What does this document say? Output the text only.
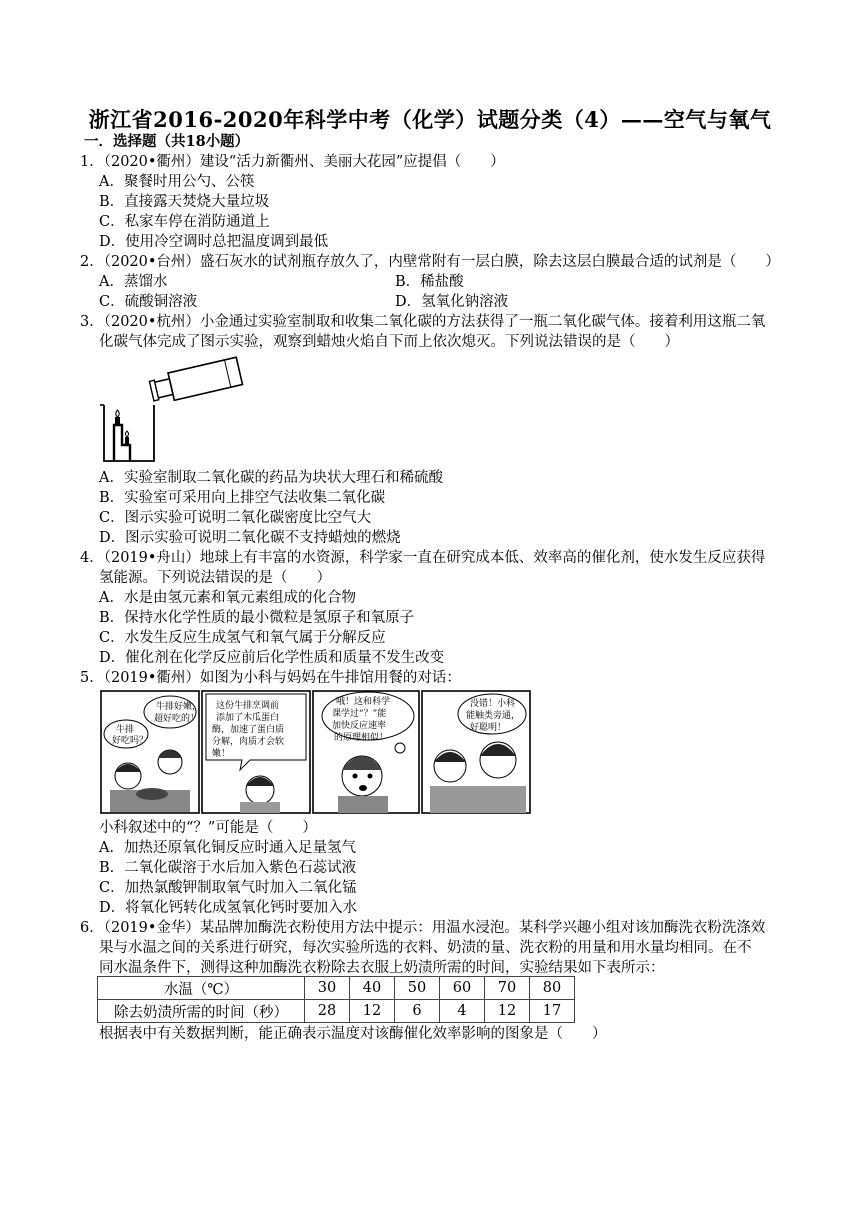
浙江省2016-2020年科学中考（化学）试题分类（4）——空气与氧气
一．选择题（共18小题）
1．（2020•衢州）建设“活力新衢州、美丽大花园”应提倡（　　）
A．聚餐时用公勺、公筷
B．直接露天焚烧大量垃圾
C．私家车停在消防通道上
D．使用冷空调时总把温度调到最低
2．（2020•台州）盛石灰水的试剂瓶存放久了，内壁常附有一层白膜，除去这层白膜最合适的试剂是（　　）
A．蒸馏水	B．稀盐酸
C．硫酸铜溶液	D．氢氧化钠溶液
3．（2020•杭州）小金通过实验室制取和收集二氧化碳的方法获得了一瓶二氧化碳气体。接着利用这瓶二氧
化碳气体完成了图示实验，观察到蜡烛火焰自下而上依次熄灭。下列说法错误的是（　　）
A．实验室制取二氧化碳的药品为块状大理石和稀硫酸
B．实验室可采用向上排空气法收集二氧化碳
C．图示实验可说明二氧化碳密度比空气大
D．图示实验可说明二氧化碳不支持蜡烛的燃烧
4．（2019•舟山）地球上有丰富的水资源，科学家一直在研究成本低、效率高的催化剂，使水发生反应获得
氢能源。下列说法错误的是（　　）
A．水是由氢元素和氧元素组成的化合物
B．保持水化学性质的最小微粒是氢原子和氧原子
C．水发生反应生成氢气和氧气属于分解反应
D．催化剂在化学反应前后化学性质和质量不发生改变
5．（2019•衢州）如图为小科与妈妈在牛排馆用餐的对话：
牛排好嫩， 超好吃的！ 牛排 好吃吗？ 这份牛排烹调前 添加了木瓜蛋白 酶，加速了蛋白质 分解，肉质才会软 嫩！ 哦！这和科学 课学过“？”能 加快反应速率 的原理相似！ 没错！小科 能触类旁通， 好聪明！
小科叙述中的“？”可能是（　　）
A．加热还原氧化铜反应时通入足量氢气
B．二氧化碳溶于水后加入紫色石蕊试液
C．加热氯酸钾制取氧气时加入二氧化锰
D．将氧化钙转化成氢氧化钙时要加入水
6．（2019•金华）某品牌加酶洗衣粉使用方法中提示：用温水浸泡。某科学兴趣小组对该加酶洗衣粉洗涤效
果与水温之间的关系进行研究，每次实验所选的衣料、奶渍的量、洗衣粉的用量和用水量均相同。在不
同水温条件下，测得这种加酶洗衣粉除去衣服上奶渍所需的时间，实验结果如下表所示：
水温（℃）	30	40	50	60	70	80
除去奶渍所需的时间（秒）	28	12	6	4	12	17
根据表中有关数据判断，能正确表示温度对该酶催化效率影响的图象是（　　）
